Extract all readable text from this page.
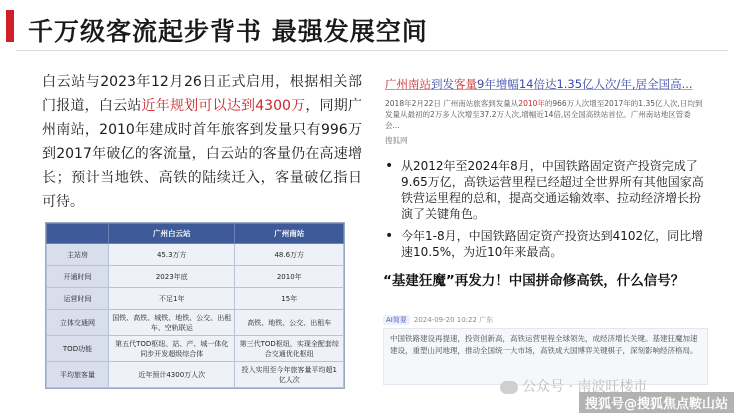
千万级客流起步背书 最强发展空间

白云站与2023年12月26日正式启用，根据相关部门报道，白云站近年规划可以达到4300万，同期广州南站，2010年建成时首年旅客到发量只有996万到2017年破亿的客流量，白云站的客量仍在高速增长；预计当地铁、高铁的陆续迁入，客量破亿指日可待。

	广州白云站	广州南站
主站房	45.3万方	48.6万方
开通时间	2023年底	2010年
运营时间	不足1年	15年
立体交通网	国铁、高铁、城铁、地铁、公交、出租车、空轨联运	高铁、地铁、公交、出租车
TOD功能	第五代TOD枢纽、站、产、城一体化同步开发超级综合体	第三代TOD枢纽，实现全配套综合交通优化枢纽
平均旅客量	近年预计4300万人次	投入实用至今年旅客量平均超1亿人次
广州南站到发客量9年增幅14倍达1.35亿人次/年,居全国高...
2018年2月22日 广州南站旅客到发量从2010年的966万人次增至2017年的1.35亿人次,日均到发量从最初的2万多人次增至37.2万人次,增幅近14倍,居全国高铁站首位。广州南站地区管委会...
搜狐网
• 从2012年至2024年8月，中国铁路固定资产投资完成了9.65万亿，高铁运营里程已经超过全世界所有其他国家高铁营运里程的总和，提高交通运输效率、拉动经济增长扮演了关键角色。
• 今年1-8月，中国铁路固定资产投资达到4102亿，同比增速10.5%，为近10年来最高。
“基建狂魔”再发力！中国拼命修高铁，什么信号？
AI简要 2024-09-20 10:22 广东
中国铁路建设再提速，投资创新高，高铁运营里程全球领先，成经济增长关键。基建狂魔加速建设，重塑山河地理，推动全国统一大市场，高铁成大国博弈关键棋子，深刻影响经济格局。
公众号 · 南波旺楼市
搜狐号@搜狐焦点鞍山站
